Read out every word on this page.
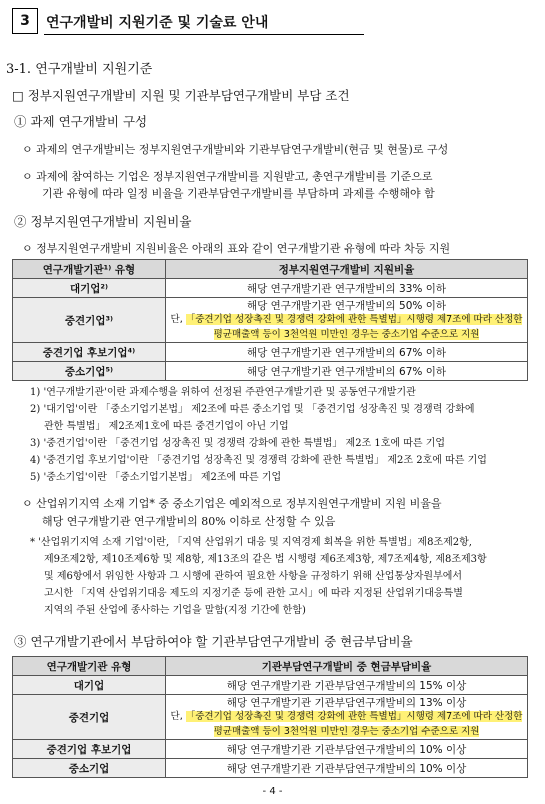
3	연구개발비 지원기준 및 기술료 안내
3-1. 연구개발비 지원기준
□ 정부지원연구개발비 지원 및 기관부담연구개발비 부담 조건
① 과제 연구개발비 구성
ㅇ 과제의 연구개발비는 정부지원연구개발비와 기관부담연구개발비(현금 및 현물)로 구성
ㅇ 과제에 참여하는 기업은 정부지원연구개발비를 지원받고, 총연구개발비를 기준으로
기관 유형에 따라 일정 비율을 기관부담연구개발비를 부담하며 과제를 수행해야 함
② 정부지원연구개발비 지원비율
ㅇ 정부지원연구개발비 지원비율은 아래의 표와 같이 연구개발기관 유형에 따라 차등 지원
연구개발기관¹⁾ 유형	정부지원연구개발비 지원비율
대기업²⁾	해당 연구개발기관 연구개발비의 33% 이하
중견기업³⁾	해당 연구개발기관 연구개발비의 50% 이하
단, 「중견기업 성장촉진 및 경쟁력 강화에 관한 특별법」시행령 제7조에 따라 산정한
평균매출액 등이 3천억원 미만인 경우는 중소기업 수준으로 지원

중견기업 후보기업⁴⁾	해당 연구개발기관 연구개발비의 67% 이하
중소기업⁵⁾	해당 연구개발기관 연구개발비의 67% 이하
1) '연구개발기관'이란 과제수행을 위하여 선정된 주관연구개발기관 및 공동연구개발기관
2) '대기업'이란 「중소기업기본법」 제2조에 따른 중소기업 및 「중견기업 성장촉진 및 경쟁력 강화에
관한 특별법」 제2조제1호에 따른 중견기업이 아닌 기업
3) '중견기업'이란 「중견기업 성장촉진 및 경쟁력 강화에 관한 특별법」 제2조 1호에 따른 기업
4) '중견기업 후보기업'이란 「중견기업 성장촉진 및 경쟁력 강화에 관한 특별법」 제2조 2호에 따른 기업
5) '중소기업'이란 「중소기업기본법」 제2조에 따른 기업
ㅇ 산업위기지역 소재 기업* 중 중소기업은 예외적으로 정부지원연구개발비 지원 비율을
해당 연구개발기관 연구개발비의 80% 이하로 산정할 수 있음
* '산업위기지역 소재 기업'이란, 「지역 산업위기 대응 및 지역경제 회복을 위한 특별법」제8조제2항,
제9조제2항, 제10조제6항 및 제8항, 제13조의 같은 법 시행령 제6조제3항, 제7조제4항, 제8조제3항
및 제6항에서 위임한 사항과 그 시행에 관하여 필요한 사항을 규정하기 위해 산업통상자원부에서
고시한 「지역 산업위기대응 제도의 지정기준 등에 관한 고시」에 따라 지정된 산업위기대응특별
지역의 주된 산업에 종사하는 기업을 말함(지정 기간에 한함)
③ 연구개발기관에서 부담하여야 할 기관부담연구개발비 중 현금부담비율
연구개발기관 유형	기관부담연구개발비 중 현금부담비율
대기업	해당 연구개발기관 기관부담연구개발비의 15% 이상
중견기업	해당 연구개발기관 기관부담연구개발비의 13% 이상
단, 「중견기업 성장촉진 및 경쟁력 강화에 관한 특별법」시행령 제7조에 따라 산정한
평균매출액 등이 3천억원 미만인 경우는 중소기업 수준으로 지원

중견기업 후보기업	해당 연구개발기관 기관부담연구개발비의 10% 이상
중소기업	해당 연구개발기관 기관부담연구개발비의 10% 이상
- 4 -
